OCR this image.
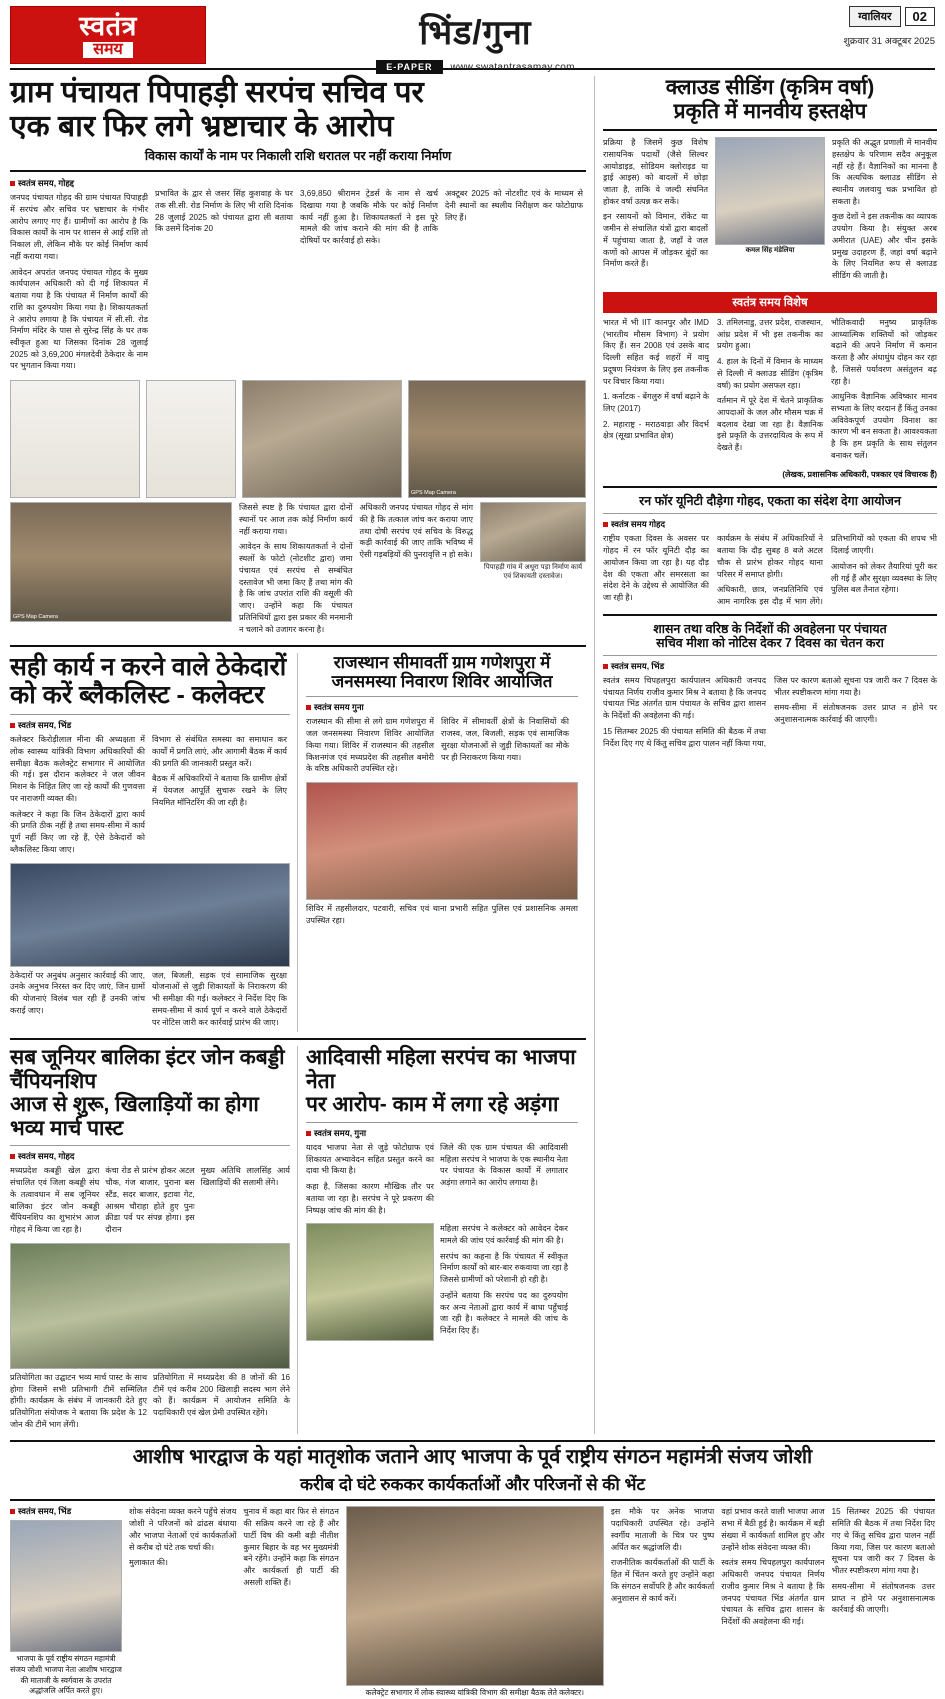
स्वतंत्र
समय	भिंड/गुना
E-PAPER	www.swatantrasamay.com
ग्वालियर	02
शुक्रवार 31 अक्टूबर 2025
ग्राम पंचायत पिपाहड़ी सरपंच सचिव पर
एक बार फिर लगे भ्रष्टाचार के आरोप
विकास कार्यों के नाम पर निकाली राशि धरातल पर नहीं कराया निर्माण
स्वतंत्र समय, गोहद्द

जनपद पंचायत गोहद की ग्राम पंचायत पिपाहड़ी में सरपंच और सचिव पर भ्रष्टाचार के गंभीर आरोप लगाए गए हैं। ग्रामीणों का आरोप है कि विकास कार्यों के नाम पर शासन से आई राशि तो निकाल ली, लेकिन मौके पर कोई निर्माण कार्य नहीं कराया गया।

आवेदन अपरांत जनपद पंचायत गोहद के मुख्य कार्यपालन अधिकारी को दी गई शिकायत में बताया गया है कि पंचायत में निर्माण कार्यों की राशि का दुरुपयोग किया गया है। शिकायतकर्ता ने आरोप लगाया है कि पंचायत में सी.सी. रोड निर्माण मंदिर के पास से सुरेन्द्र सिंह के घर तक स्वीकृत हुआ था जिसका दिनांक 28 जुलाई 2025 को 3,69,200 मंगलदेवी ठेकेदार के नाम पर भुगतान किया गया।

प्रभावित के द्वार से जसर सिंह कुशवाह के घर तक सी.सी. रोड निर्माण के लिए भी राशि दिनांक 28 जुलाई 2025 को पंचायत द्वारा ली बताया कि उसमें दिनांक 20

3,69,850 श्रीरामन ट्रेडर्स के नाम से खर्च दिखाया गया है जबकि मौके पर कोई निर्माण कार्य नहीं हुआ है। शिकायतकर्ता ने इस पूरे मामले की जांच कराने की मांग की है ताकि दोषियों पर कार्रवाई हो सके।

अक्टूबर 2025 को नोटशीट एवं के माध्यम से देनी स्थानों का स्थलीय निरीक्षण कर फोटोग्राफ लिए हैं।

GPS Map Camera
GPS Map Camera

जिससे स्पष्ट है कि पंचायत द्वारा दोनों स्थानों पर आज तक कोई निर्माण कार्य नहीं कराया गया।

आवेदन के साथ शिकायतकर्ता ने दोनों स्थलों के फोटो (नोटशीट द्वारा) जमा पंचायत एवं सरपंच से सम्बंधित दस्तावेज भी जमा किए हैं तथा मांग की है कि जांच उपरांत राशि की वसूली की जाए। उन्होंने कहा कि पंचायत प्रतिनिधियों द्वारा इस प्रकार की मनमानी न चलाने को उजागर करना है।

अधिकारी जनपद पंचायत गोहद से मांग की है कि तत्काल जांच कर कराया जाए तथा दोषी सरपंच एवं सचिव के विरुद्ध कड़ी कार्रवाई की जाए ताकि भविष्य में ऐसी गड़बड़ियों की पुनरावृत्ति न हो सके।

पिपाहड़ी गांव में अधूरा पड़ा निर्माण कार्य एवं शिकायती दस्तावेज।
सही कार्य न करने वाले ठेकेदारों
को करें ब्लैकलिस्ट - कलेक्टर
स्वतंत्र समय, भिंड

कलेक्टर किरोड़ीलाल मीना की अध्यक्षता में लोक स्वास्थ्य यांत्रिकी विभाग अधिकारियों की समीक्षा बैठक कलेक्ट्रेट सभागार में आयोजित की गई। इस दौरान कलेक्टर ने जल जीवन मिशन के निहित लिए जा रहे कार्यों की गुणवत्ता पर नाराजगी व्यक्त की।

कलेक्टर ने कहा कि जिन ठेकेदारों द्वारा कार्य की प्रगति ठीक नहीं है तथा समय-सीमा में कार्य पूर्ण नहीं किए जा रहे हैं, ऐसे ठेकेदारों को ब्लैकलिस्ट किया जाए।

विभाग से संबंधित समस्या का समाधान कर कार्यों में प्रगति लाएं, और आगामी बैठक में कार्य की प्रगति की जानकारी प्रस्तुत करें।

बैठक में अधिकारियों ने बताया कि ग्रामीण क्षेत्रों में पेयजल आपूर्ति सुचारू रखने के लिए नियमित मॉनिटरिंग की जा रही है।

ठेकेदारों पर अनुबंध अनुसार कार्रवाई की जाए, उनके अनुभव निरस्त कर दिए जाएं, जिन ग्रामों की योजनाएं विलंब चल रही हैं उनकी जांच कराई जाए।

जल, बिजली, सड़क एवं सामाजिक सुरक्षा योजनाओं से जुड़ी शिकायतों के निराकरण की भी समीक्षा की गई। कलेक्टर ने निर्देश दिए कि समय-सीमा में कार्य पूर्ण न करने वाले ठेकेदारों पर नोटिस जारी कर कार्रवाई प्रारंभ की जाए।

राजस्थान सीमावर्ती ग्राम गणेशपुरा में जनसमस्या निवारण शिविर आयोजित
स्वतंत्र समय गुना

राजस्थान की सीमा से लगे ग्राम गणेशपुरा में जल जनसमस्या निवारण शिविर आयोजित किया गया। शिविर में राजस्थान की तहसील किशनगंज एवं मध्यप्रदेश की तहसील बमोरी के वरिष्ठ अधिकारी उपस्थित रहे।

शिविर में सीमावर्ती क्षेत्रों के निवासियों की राजस्व, जल, बिजली, सड़क एवं सामाजिक सुरक्षा योजनाओं से जुड़ी शिकायतों का मौके पर ही निराकरण किया गया।

शिविर में तहसीलदार, पटवारी, सचिव एवं थाना प्रभारी सहित पुलिस एवं प्रशासनिक अमला उपस्थित रहा।

सब जूनियर बालिका इंटर जोन कबड्डी चैंपियनशिप
आज से शुरू, खिलाड़ियों का होगा भव्य मार्च पास्ट
स्वतंत्र समय, गोहद

मध्यप्रदेश कबड्डी खेल द्वारा संचालित एवं जिला कबड्डी संघ के तत्वावधान में सब जूनियर बालिका इंटर जोन कबड्डी चैंपियनशिप का शुभारंभ आज गोहद में किया जा रहा है।

कंचा रोड से प्रारंभ होकर अटल चौक, गंज बाजार, पुराना बस स्टैंड, सदर बाजार, इटावा गेट, आश्रम चौराहा होते हुए पुनः क्रीडा पर्व पर संपन्न होगा। इस दौरान

मुख्य अतिथि लालसिंह आर्य खिलाड़ियों की सलामी लेंगे।

प्रतियोगिता का उद्घाटन भव्य मार्च पास्ट के साथ होगा जिसमें सभी प्रतिभागी टीमें सम्मिलित होंगी। कार्यक्रम के संबंध में जानकारी देते हुए प्रतियोगिता संयोजक ने बताया कि प्रदेश के 12 जोन की टीमें भाग लेंगी।

प्रतियोगिता में मध्यप्रदेश की 8 जोनों की 16 टीमें एवं करीब 200 खिलाड़ी सदस्य भाग लेने को हैं। कार्यक्रम में आयोजन समिति के पदाधिकारी एवं खेल प्रेमी उपस्थित रहेंगे।

आदिवासी महिला सरपंच का भाजपा नेता
पर आरोप- काम में लगा रहे अड़ंगा
स्वतंत्र समय, गुना

यादव भाजपा नेता से जुड़े फोटोग्राफ एवं शिकायत अभ्यावेदन सहित प्रस्तुत करने का दावा भी किया है।

कहा है, जिसका कारण मौखिक तौर पर बताया जा रहा है। सरपंच ने पूरे प्रकरण की निष्पक्ष जांच की मांग की है।

जिले की एक ग्राम पंचायत की आदिवासी महिला सरपंच ने भाजपा के एक स्थानीय नेता पर पंचायत के विकास कार्यों में लगातार अड़ंगा लगाने का आरोप लगाया है।

महिला सरपंच ने कलेक्टर को आवेदन देकर मामले की जांच एवं कार्रवाई की मांग की है।

सरपंच का कहना है कि पंचायत में स्वीकृत निर्माण कार्यों को बार-बार रुकवाया जा रहा है जिससे ग्रामीणों को परेशानी हो रही है।

उन्होंने बताया कि सरपंच पद का दुरुपयोग कर अन्य नेताओं द्वारा कार्य में बाधा पहुँचाई जा रही है। कलेक्टर ने मामले की जांच के निर्देश दिए हैं।

क्लाउड सीडिंग (कृत्रिम वर्षा)
प्रकृति में मानवीय हस्तक्षेप

प्रक्रिया है जिसमें कुछ विशेष रासायनिक पदार्थों (जैसे सिल्वर आयोडाइड, सोडियम क्लोराइड या ड्राई आइस) को बादलों में छोड़ा जाता है, ताकि वे जल्दी संघनित होकर वर्षा उत्पन्न कर सकें।

इन रसायनों को विमान, रॉकेट या जमीन से संचालित यंत्रों द्वारा बादलों में पहुंचाया जाता है, जहाँ वे जल कणों को आपस में जोड़कर बूंदों का निर्माण करते हैं।

कमल सिंह मंडेलिया

प्रकृति की अद्भुत प्रणाली में मानवीय हस्तक्षेप के परिणाम सदैव अनुकूल नहीं रहे हैं। वैज्ञानिकों का मानना है कि अत्यधिक क्लाउड सीडिंग से स्थानीय जलवायु चक्र प्रभावित हो सकता है।

कुछ देशों ने इस तकनीक का व्यापक उपयोग किया है। संयुक्त अरब अमीरात (UAE) और चीन इसके प्रमुख उदाहरण हैं, जहां वर्षा बढ़ाने के लिए नियमित रूप से क्लाउड सीडिंग की जाती है।

स्वतंत्र समय विशेष

भारत में भी IIT कानपुर और IMD (भारतीय मौसम विभाग) ने प्रयोग किए हैं। सन 2008 एवं उसके बाद दिल्ली सहित कई शहरों में वायु प्रदूषण नियंत्रण के लिए इस तकनीक पर विचार किया गया।

1. कर्नाटक - बेंगलुरु में वर्षा बढ़ाने के लिए (2017)

2. महाराष्ट्र - मराठवाड़ा और विदर्भ क्षेत्र (सूखा प्रभावित क्षेत्र)

3. तमिलनाडु, उत्तर प्रदेश, राजस्थान, आंध्र प्रदेश में भी इस तकनीक का प्रयोग हुआ।

4. हाल के दिनों में विमान के माध्यम से दिल्ली में क्लाउड सीडिंग (कृत्रिम वर्षा) का प्रयोग असफल रहा।

वर्तमान में पूरे देश में चेतने प्राकृतिक आपदाओं के जल और मौसम चक्र में बदलाव देखा जा रहा है। वैज्ञानिक इसे प्रकृति के उत्तरदायित्व के रूप में देखते हैं।

भौतिकवादी मनुष्य प्राकृतिक आध्यात्मिक शक्तियों को जोड़कर बढ़ाने की अपने निर्माण में कमान करता है और अंधाधुंध दोहन कर रहा है, जिससे पर्यावरण असंतुलन बढ़ रहा है।

आधुनिक वैज्ञानिक अविष्कार मानव सभ्यता के लिए वरदान हैं किंतु उनका अविवेकपूर्ण उपयोग विनाश का कारण भी बन सकता है। आवश्यकता है कि हम प्रकृति के साथ संतुलन बनाकर चलें।

(लेखक, प्रशासनिक अधिकारी, पत्रकार एवं विचारक हैं)
रन फॉर यूनिटी दौड़ेगा गोहद, एकता का संदेश देगा आयोजन
स्वतंत्र समय गोहद

राष्ट्रीय एकता दिवस के अवसर पर गोहद में रन फॉर यूनिटी दौड़ का आयोजन किया जा रहा है। यह दौड़ देश की एकता और समरसता का संदेश देने के उद्देश्य से आयोजित की जा रही है।

कार्यक्रम के संबंध में अधिकारियों ने बताया कि दौड़ सुबह 8 बजे अटल चौक से प्रारंभ होकर गोहद थाना परिसर में समाप्त होगी।

अधिकारी, छात्र, जनप्रतिनिधि एवं आम नागरिक इस दौड़ में भाग लेंगे। प्रतिभागियों को एकता की शपथ भी दिलाई जाएगी।

आयोजन को लेकर तैयारियां पूरी कर ली गई हैं और सुरक्षा व्यवस्था के लिए पुलिस बल तैनात रहेगा।

शासन तथा वरिष्ठ के निर्देशों की अवहेलना पर पंचायत
सचिव मीशा को नोटिस देकर 7 दिवस का चेतन करा
स्वतंत्र समय, भिंड

स्वतंत्र समय चिपहलपुरा कार्यपालन अधिकारी जनपद पंचायत निर्णय राजीव कुमार मिश्र ने बताया है कि जनपद पंचायत भिंड अंतर्गत ग्राम पंचायत के सचिव द्वारा शासन के निर्देशों की अवहेलना की गई।

15 सितम्बर 2025 की पंचायत समिति की बैठक में तथा निर्देश दिए गए थे किंतु सचिव द्वारा पालन नहीं किया गया, जिस पर कारण बताओ सूचना पत्र जारी कर 7 दिवस के भीतर स्पष्टीकरण मांगा गया है।

समय-सीमा में संतोषजनक उत्तर प्राप्त न होने पर अनुशासनात्मक कार्रवाई की जाएगी।

आशीष भारद्वाज के यहां मातृशोक जताने आए भाजपा के पूर्व राष्ट्रीय संगठन महामंत्री संजय जोशी
करीब दो घंटे रुककर कार्यकर्ताओं और परिजनों से की भेंट
स्वतंत्र समय, भिंड
भाजपा के पूर्व राष्ट्रीय संगठन महामंत्री संजय जोशी भाजपा नेता आशीष भारद्वाज की माताजी के स्वर्गवास के उपरांत अद्धांजलि अर्पित करते हुए।

शोक संवेदना व्यक्त करने पहुँचे संजय जोशी ने परिजनों को ढांढस बंधाया और भाजपा नेताओं एवं कार्यकर्ताओं से करीब दो घंटे तक चर्चा की।

मुलाकात की।

चुनाव में कहा बार फिर से संगठन की सक्रिय करने जा रहे हैं और पार्टी विष की कमी बड़ी नीतीश कुमार बिहार के वह भर मुख्यमंत्री बने रहेंगे। उन्होंने कहा कि संगठन और कार्यकर्ता ही पार्टी की असली शक्ति हैं।

कलेक्ट्रेट सभागार में लोक स्वास्थ्य यांत्रिकी विभाग की समीक्षा बैठक लेते कलेक्टर।

इस मौके पर अनेक भाजपा पदाधिकारी उपस्थित रहे। उन्होंने स्वर्गीय माताजी के चित्र पर पुष्प अर्पित कर श्रद्धांजलि दी।

राजनीतिक कार्यकर्ताओं की पार्टी के हित में चिंतन करते हुए उन्होंने कहा कि संगठन सर्वोपरि है और कार्यकर्ता अनुशासन से कार्य करें।

वहां प्रभाव करते वाली भाजपा आज सभा में बैठी हुई है। कार्यक्रम में बड़ी संख्या में कार्यकर्ता शामिल हुए और उन्होंने शोक संवेदना व्यक्त की।

स्वतंत्र समय चिपहलपुरा कार्यपालन अधिकारी जनपद पंचायत निर्णय राजीव कुमार मिश्र ने बताया है कि जनपद पंचायत भिंड अंतर्गत ग्राम पंचायत के सचिव द्वारा शासन के निर्देशों की अवहेलना की गई।

15 सितम्बर 2025 की पंचायत समिति की बैठक में तथा निर्देश दिए गए थे किंतु सचिव द्वारा पालन नहीं किया गया, जिस पर कारण बताओ सूचना पत्र जारी कर 7 दिवस के भीतर स्पष्टीकरण मांगा गया है।

समय-सीमा में संतोषजनक उत्तर प्राप्त न होने पर अनुशासनात्मक कार्रवाई की जाएगी।
